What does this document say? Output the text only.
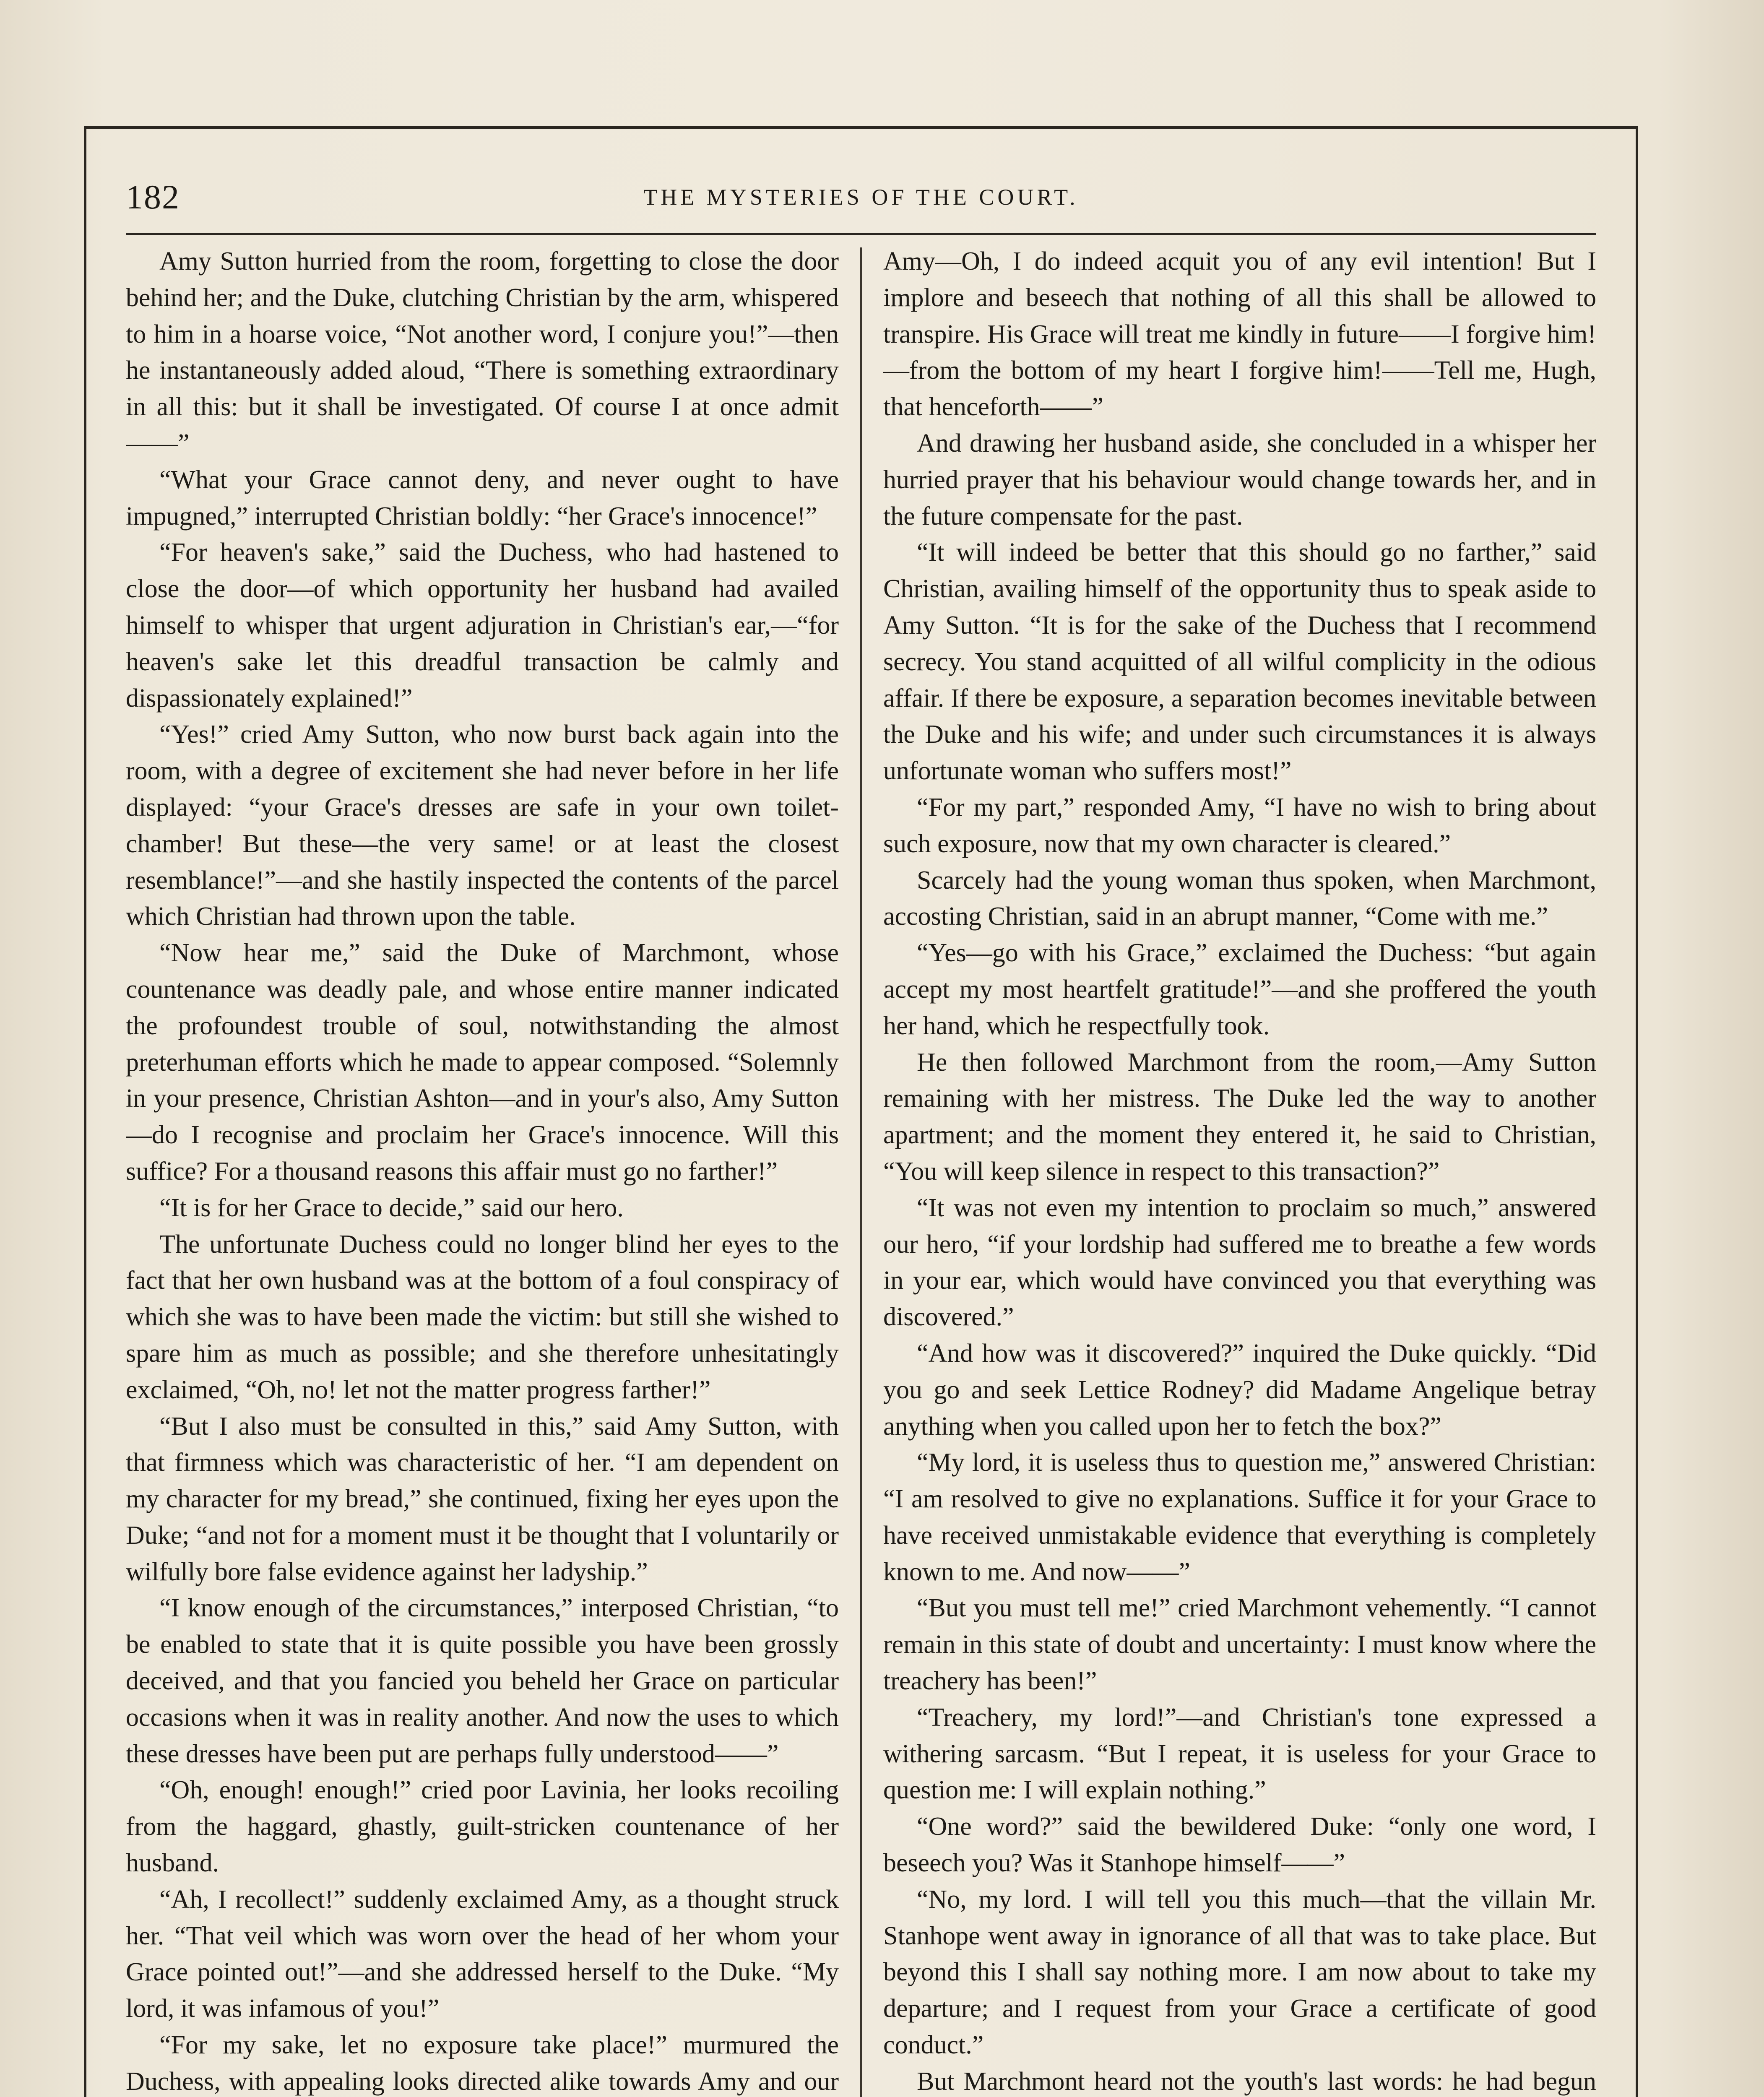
182	THE MYSTERIES OF THE COURT.

Amy Sutton hurried from the room, forgetting to close the door behind her; and the Duke, clutching Christian by the arm, whispered to him in a hoarse voice, “Not another word, I conjure you!”—then he instantaneously added aloud, “There is something extraordinary in all this: but it shall be investigated. Of course I at once admit——”

“What your Grace cannot deny, and never ought to have impugned,” interrupted Christian boldly: “her Grace's innocence!”

“For heaven's sake,” said the Duchess, who had hastened to close the door—of which opportunity her husband had availed himself to whisper that urgent adjuration in Christian's ear,—“for heaven's sake let this dreadful transaction be calmly and dispassionately explained!”

“Yes!” cried Amy Sutton, who now burst back again into the room, with a degree of excitement she had never before in her life displayed: “your Grace's dresses are safe in your own toilet-chamber! But these—the very same! or at least the closest resemblance!”—and she hastily inspected the contents of the parcel which Christian had thrown upon the table.

“Now hear me,” said the Duke of Marchmont, whose countenance was deadly pale, and whose entire manner indicated the profoundest trouble of soul, notwithstanding the almost preterhuman efforts which he made to appear composed. “Solemnly in your presence, Christian Ashton—and in your's also, Amy Sutton—do I recognise and proclaim her Grace's innocence. Will this suffice? For a thousand reasons this affair must go no farther!”

“It is for her Grace to decide,” said our hero.

The unfortunate Duchess could no longer blind her eyes to the fact that her own husband was at the bottom of a foul conspiracy of which she was to have been made the victim: but still she wished to spare him as much as possible; and she therefore unhesitatingly exclaimed, “Oh, no! let not the matter progress farther!”

“But I also must be consulted in this,” said Amy Sutton, with that firmness which was characteristic of her. “I am dependent on my character for my bread,” she continued, fixing her eyes upon the Duke; “and not for a moment must it be thought that I voluntarily or wilfully bore false evidence against her ladyship.”

“I know enough of the circumstances,” interposed Christian, “to be enabled to state that it is quite possible you have been grossly deceived, and that you fancied you beheld her Grace on particular occasions when it was in reality another. And now the uses to which these dresses have been put are perhaps fully understood——”

“Oh, enough! enough!” cried poor Lavinia, her looks recoiling from the haggard, ghastly, guilt-stricken countenance of her husband.

“Ah, I recollect!” suddenly exclaimed Amy, as a thought struck her. “That veil which was worn over the head of her whom your Grace pointed out!”—and she addressed herself to the Duke. “My lord, it was infamous of you!”

“For my sake, let no exposure take place!” murmured the Duchess, with appealing looks directed alike towards Amy and our

Amy—Oh, I do indeed acquit you of any evil intention! But I implore and beseech that nothing of all this shall be allowed to transpire. His Grace will treat me kindly in future——I forgive him!—from the bottom of my heart I forgive him!——Tell me, Hugh, that henceforth——”

And drawing her husband aside, she concluded in a whisper her hurried prayer that his behaviour would change towards her, and in the future compensate for the past.

“It will indeed be better that this should go no farther,” said Christian, availing himself of the opportunity thus to speak aside to Amy Sutton. “It is for the sake of the Duchess that I recommend secrecy. You stand acquitted of all wilful complicity in the odious affair. If there be exposure, a separation becomes inevitable between the Duke and his wife; and under such circumstances it is always unfortunate woman who suffers most!”

“For my part,” responded Amy, “I have no wish to bring about such exposure, now that my own character is cleared.”

Scarcely had the young woman thus spoken, when Marchmont, accosting Christian, said in an abrupt manner, “Come with me.”

“Yes—go with his Grace,” exclaimed the Duchess: “but again accept my most heartfelt gratitude!”—and she proffered the youth her hand, which he respectfully took.

He then followed Marchmont from the room,—Amy Sutton remaining with her mistress. The Duke led the way to another apartment; and the moment they entered it, he said to Christian, “You will keep silence in respect to this transaction?”

“It was not even my intention to proclaim so much,” answered our hero, “if your lordship had suffered me to breathe a few words in your ear, which would have convinced you that everything was discovered.”

“And how was it discovered?” inquired the Duke quickly. “Did you go and seek Lettice Rodney? did Madame Angelique betray anything when you called upon her to fetch the box?”

“My lord, it is useless thus to question me,” answered Christian: “I am resolved to give no explanations. Suffice it for your Grace to have received unmistakable evidence that everything is completely known to me. And now——”

“But you must tell me!” cried Marchmont vehemently. “I cannot remain in this state of doubt and uncertainty: I must know where the treachery has been!”

“Treachery, my lord!”—and Christian's tone expressed a withering sarcasm. “But I repeat, it is useless for your Grace to question me: I will explain nothing.”

“One word?” said the bewildered Duke: “only one word, I beseech you? Was it Stanhope himself——”

“No, my lord. I will tell you this much—that the villain Mr. Stanhope went away in ignorance of all that was to take place. But beyond this I shall say nothing more. I am now about to take my departure; and I request from your Grace a certificate of good conduct.”

But Marchmont heard not the youth's last words: he had begun
